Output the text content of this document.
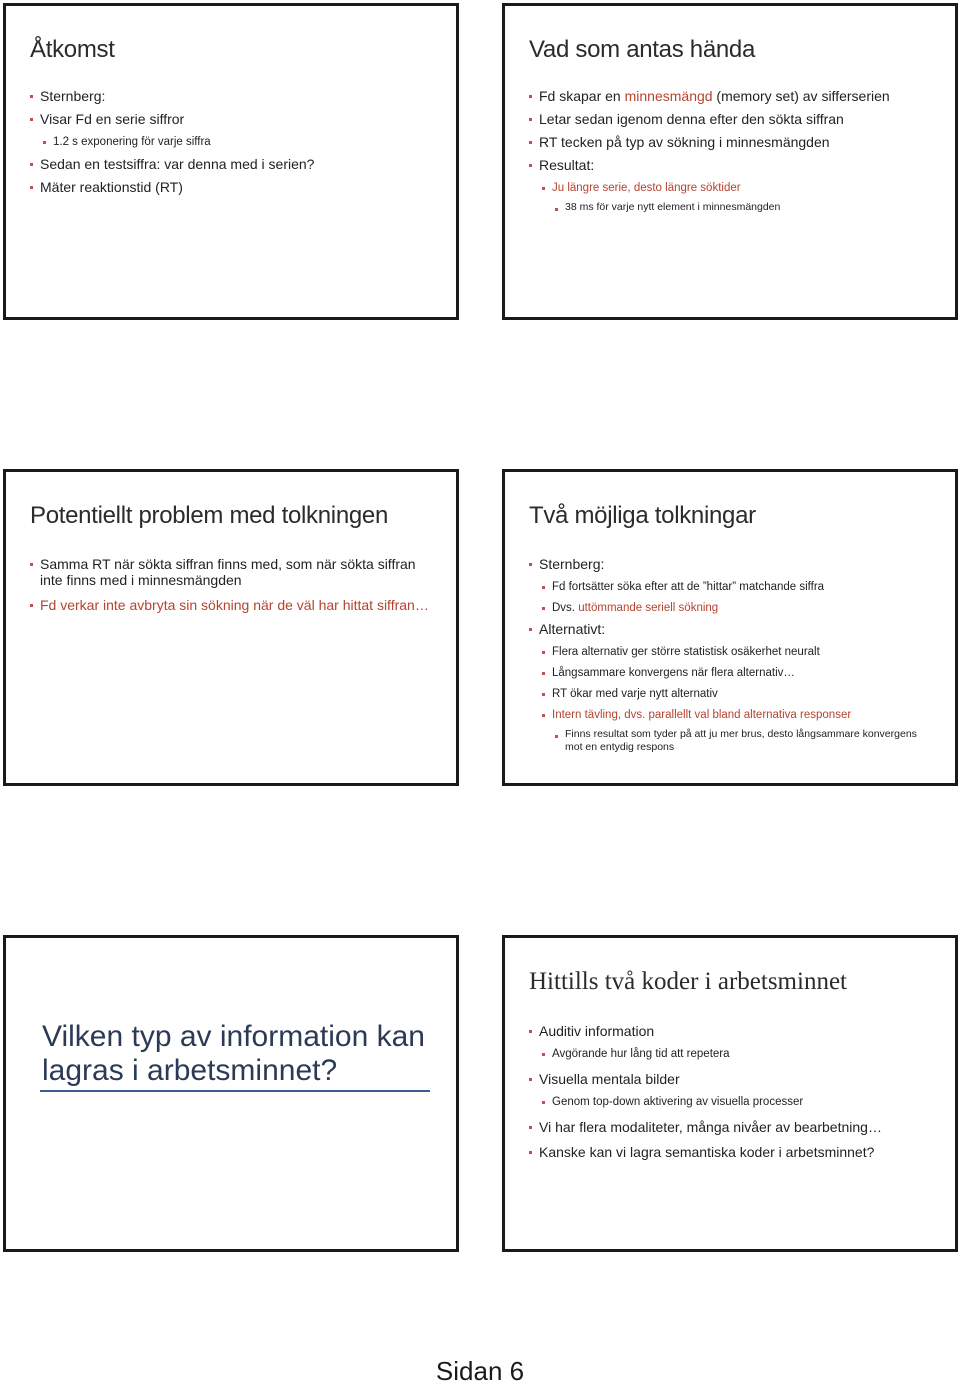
Åtkomst
Sternberg:
Visar Fd en serie siffror
1.2 s exponering för varje siffra
Sedan en testsiffra: var denna med i serien?
Mäter reaktionstid (RT)
Vad som antas hända
Fd skapar en minnesmängd (memory set) av sifferserien
Letar sedan igenom denna efter den sökta siffran
RT tecken på typ av sökning i minnesmängden
Resultat:
Ju längre serie, desto längre söktider
38 ms för varje nytt element i minnesmängden
Potentiellt problem med tolkningen
Samma RT när sökta siffran finns med, som när sökta siffran inte finns med i minnesmängden
Fd verkar inte avbryta sin sökning när de väl har hittat siffran…
Två möjliga tolkningar
Sternberg:
Fd fortsätter söka efter att de ”hittar” matchande siffra
Dvs. uttömmande seriell sökning
Alternativt:
Flera alternativ ger större statistisk osäkerhet neuralt
Långsammare konvergens när flera alternativ…
RT ökar med varje nytt alternativ
Intern tävling, dvs. parallellt val bland alternativa responser
Finns resultat som tyder på att ju mer brus, desto långsammare konvergens mot en entydig respons
Vilken typ av information kan lagras i arbetsminnet?
Hittills två koder i arbetsminnet
Auditiv information
Avgörande hur lång tid att repetera
Visuella mentala bilder
Genom top-down aktivering av visuella processer
Vi har flera modaliteter, många nivåer av bearbetning…
Kanske kan vi lagra semantiska koder i arbetsminnet?
Sidan 6
